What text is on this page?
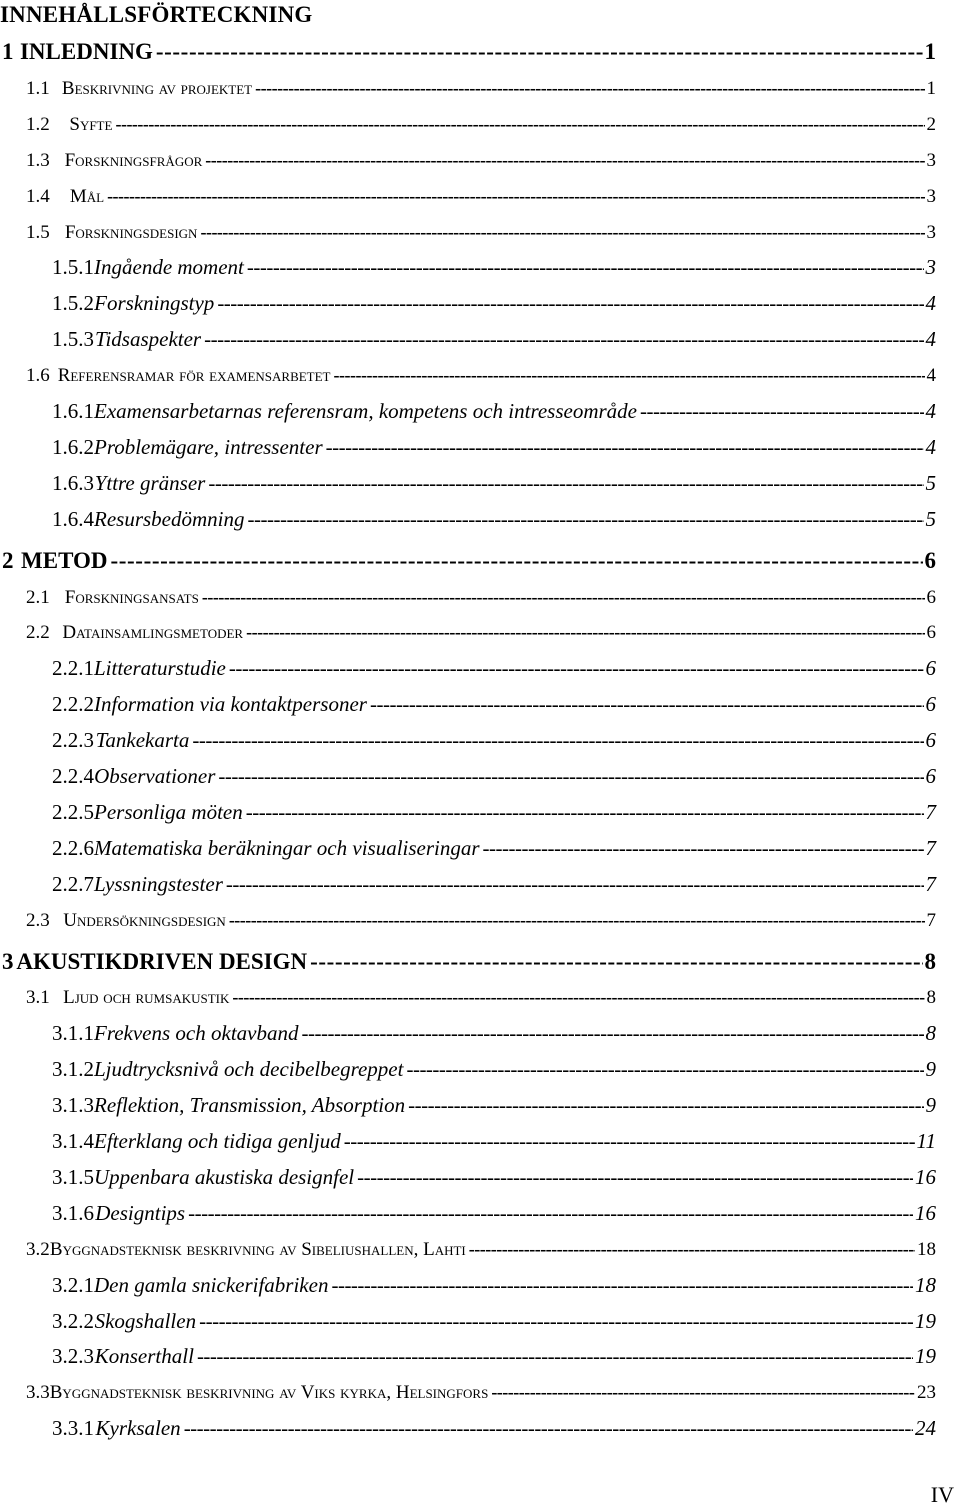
INNEHÅLLSFÖRTECKNING
1 INLEDNING -----	1
1.1 Beskrivning av projektet -----	1
1.2	Syfte -----	2
1.3 Forskningsfrågor -----	3
1.4	Mål -----	3
1.5 Forskningsdesign -----	3
1.5.1 Ingående moment -----	3
1.5.2 Forskningstyp -----	4
1.5.3 Tidsaspekter -----	4
1.6 Referensramar för examensarbetet -----	4
1.6.1 Examensarbetarnas referensram, kompetens och intresseområde -----	4
1.6.2 Problemägare, intressenter -----	4
1.6.3 Yttre gränser -----	5
1.6.4 Resursbedömning -----	5
2 METOD -----	6
2.1 Forskningsansats -----	6
2.2 Datainsamlingsmetoder -----	6
2.2.1 Litteraturstudie -----	6
2.2.2 Information via kontaktpersoner -----	6
2.2.3 Tankekarta -----	6
2.2.4 Observationer -----	6
2.2.5 Personliga möten -----	7
2.2.6 Matematiska beräkningar och visualiseringar -----	7
2.2.7 Lyssningstester -----	7
2.3 Undersökningsdesign -----	7
3 AKUSTIKDRIVEN DESIGN -----	8
3.1 Ljud och rumsakustik -----	8
3.1.1 Frekvens och oktavband -----	8
3.1.2 Ljudtrycksnivå och decibelbegreppet -----	9
3.1.3 Reflektion, Transmission, Absorption -----	9
3.1.4 Efterklang och tidiga genljud -----	11
3.1.5 Uppenbara akustiska designfel -----	16
3.1.6 Designtips -----	16
3.2 Byggnadsteknisk beskrivning av Sibeliushallen, Lahti -----	18
3.2.1 Den gamla snickerifabriken -----	18
3.2.2 Skogshallen -----	19
3.2.3 Konserthall -----	19
3.3 Byggnadsteknisk beskrivning av Viks kyrka, Helsingfors -----	23
3.3.1 Kyrksalen -----	24
IV
